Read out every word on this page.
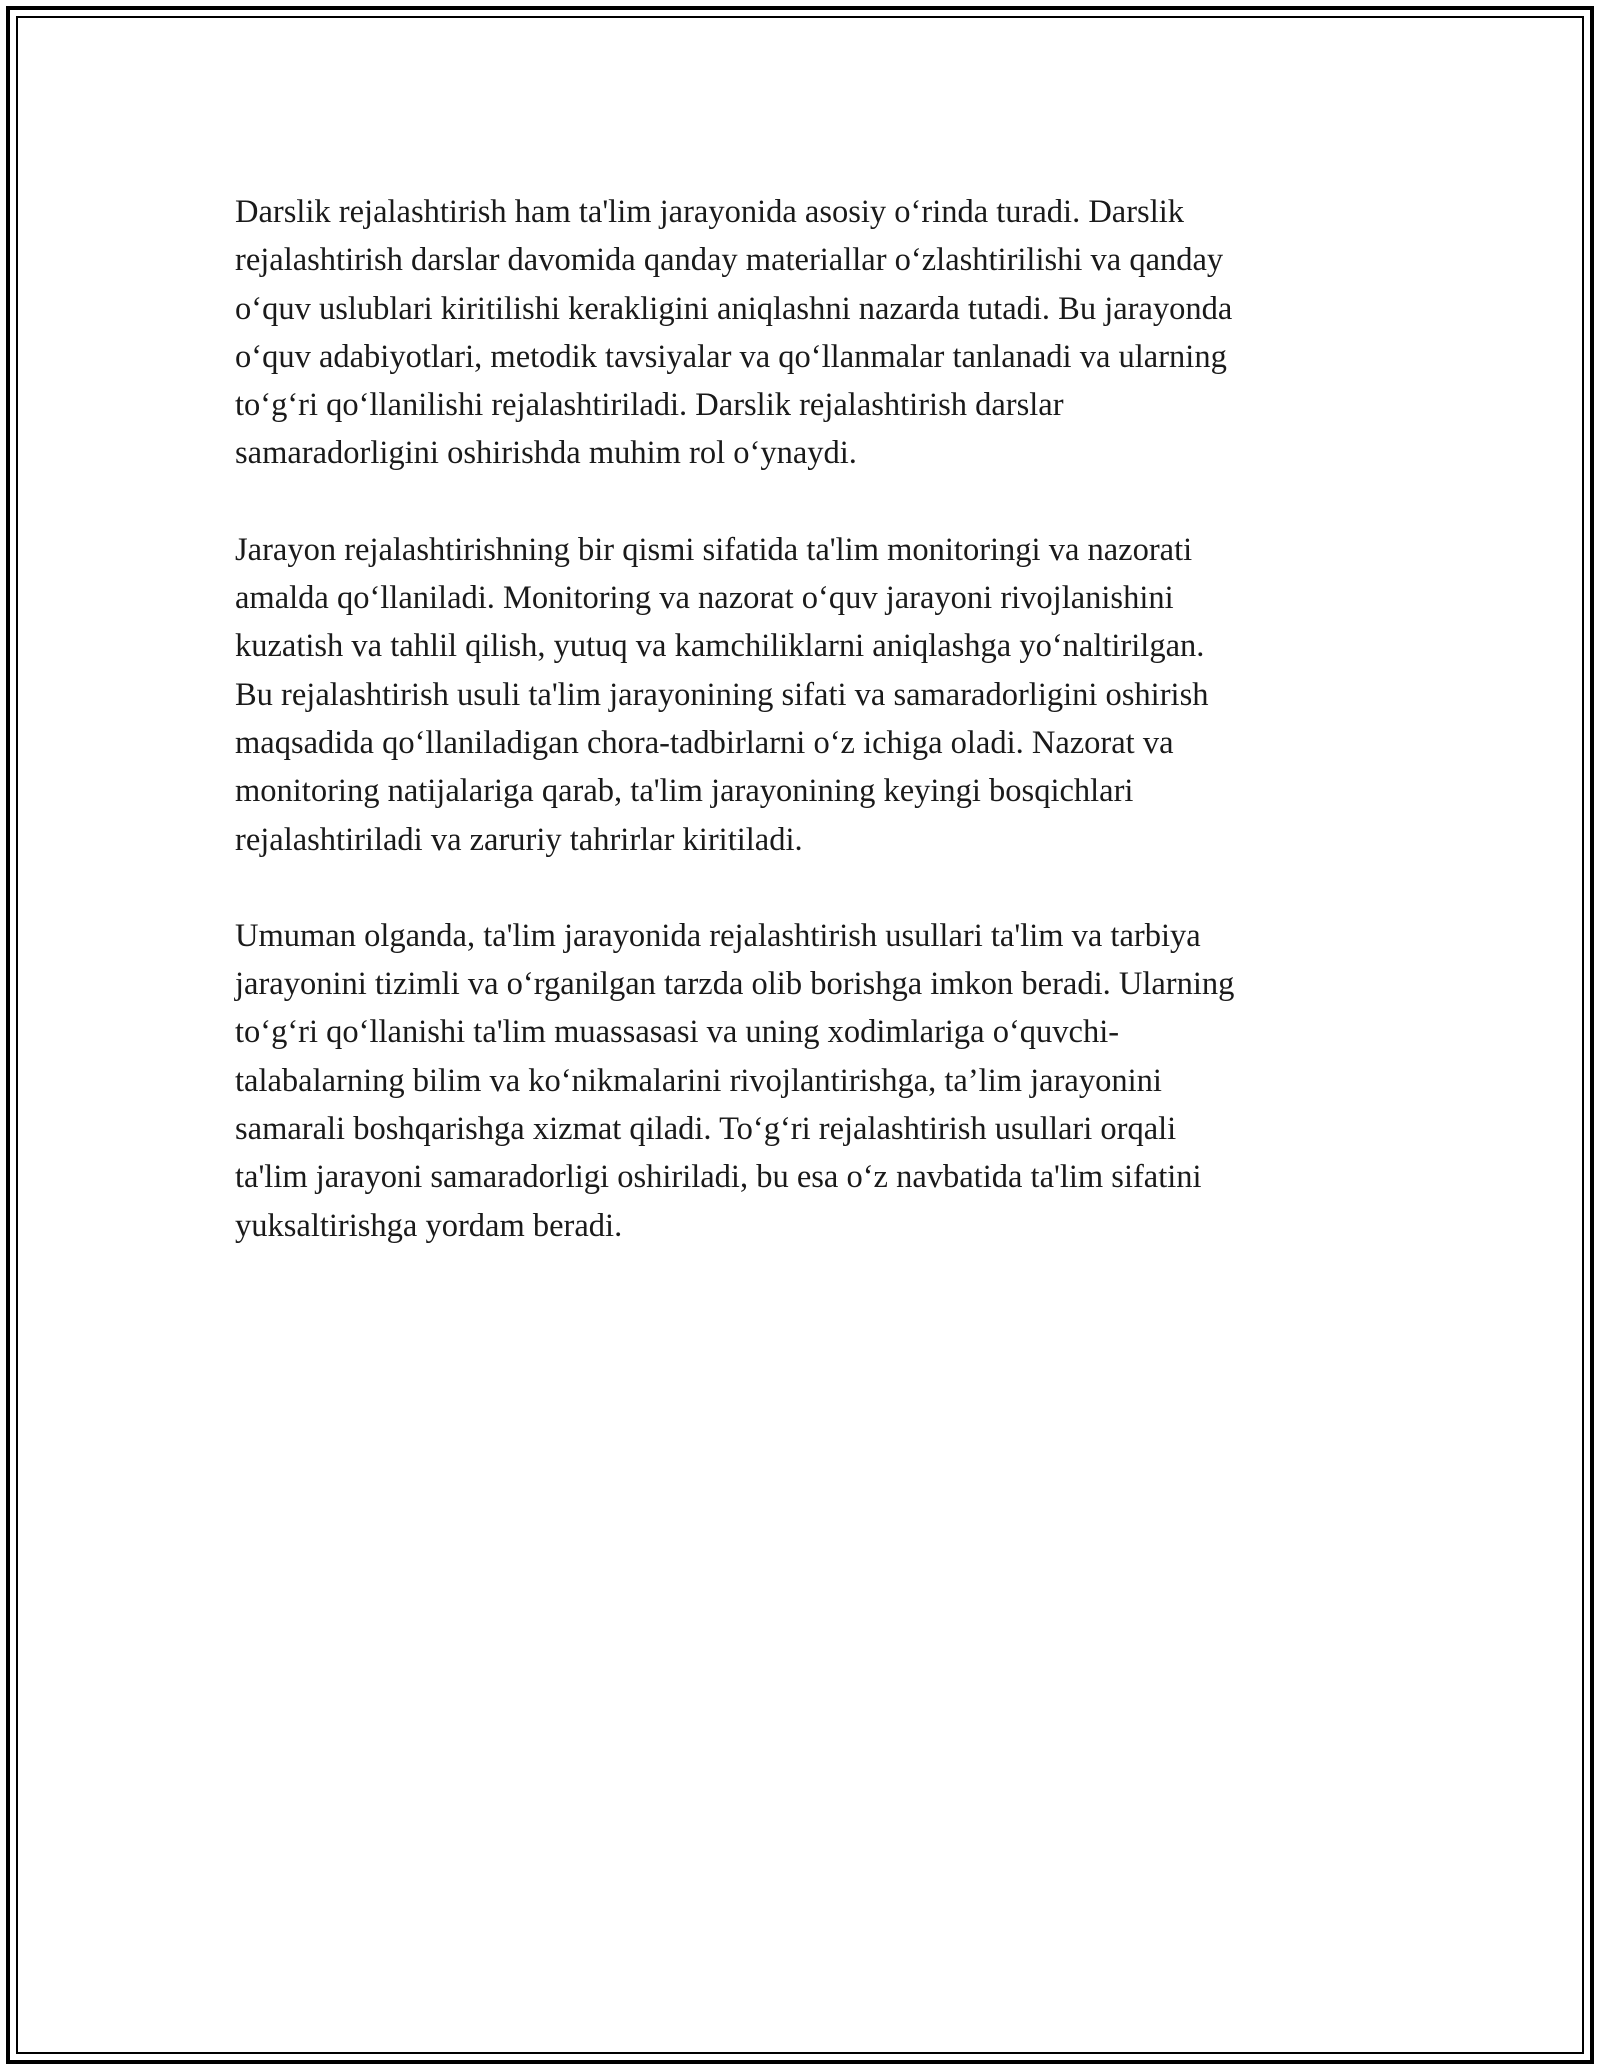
Darslik rejalashtirish ham ta'lim jarayonida asosiy o‘rinda turadi. Darslik
rejalashtirish darslar davomida qanday materiallar o‘zlashtirilishi va qanday
o‘quv uslublari kiritilishi kerakligini aniqlashni nazarda tutadi. Bu jarayonda
o‘quv adabiyotlari, metodik tavsiyalar va qo‘llanmalar tanlanadi va ularning
to‘g‘ri qo‘llanilishi rejalashtiriladi. Darslik rejalashtirish darslar
samaradorligini oshirishda muhim rol o‘ynaydi.

Jarayon rejalashtirishning bir qismi sifatida ta'lim monitoringi va nazorati
amalda qo‘llaniladi. Monitoring va nazorat o‘quv jarayoni rivojlanishini
kuzatish va tahlil qilish, yutuq va kamchiliklarni aniqlashga yo‘naltirilgan.
Bu rejalashtirish usuli ta'lim jarayonining sifati va samaradorligini oshirish
maqsadida qo‘llaniladigan chora-tadbirlarni o‘z ichiga oladi. Nazorat va
monitoring natijalariga qarab, ta'lim jarayonining keyingi bosqichlari
rejalashtiriladi va zaruriy tahrirlar kiritiladi.

Umuman olganda, ta'lim jarayonida rejalashtirish usullari ta'lim va tarbiya
jarayonini tizimli va o‘rganilgan tarzda olib borishga imkon beradi. Ularning
to‘g‘ri qo‘llanishi ta'lim muassasasi va uning xodimlariga o‘quvchi-
talabalarning bilim va ko‘nikmalarini rivojlantirishga, ta’lim jarayonini
samarali boshqarishga xizmat qiladi. To‘g‘ri rejalashtirish usullari orqali
ta'lim jarayoni samaradorligi oshiriladi, bu esa o‘z navbatida ta'lim sifatini
yuksaltirishga yordam beradi.
